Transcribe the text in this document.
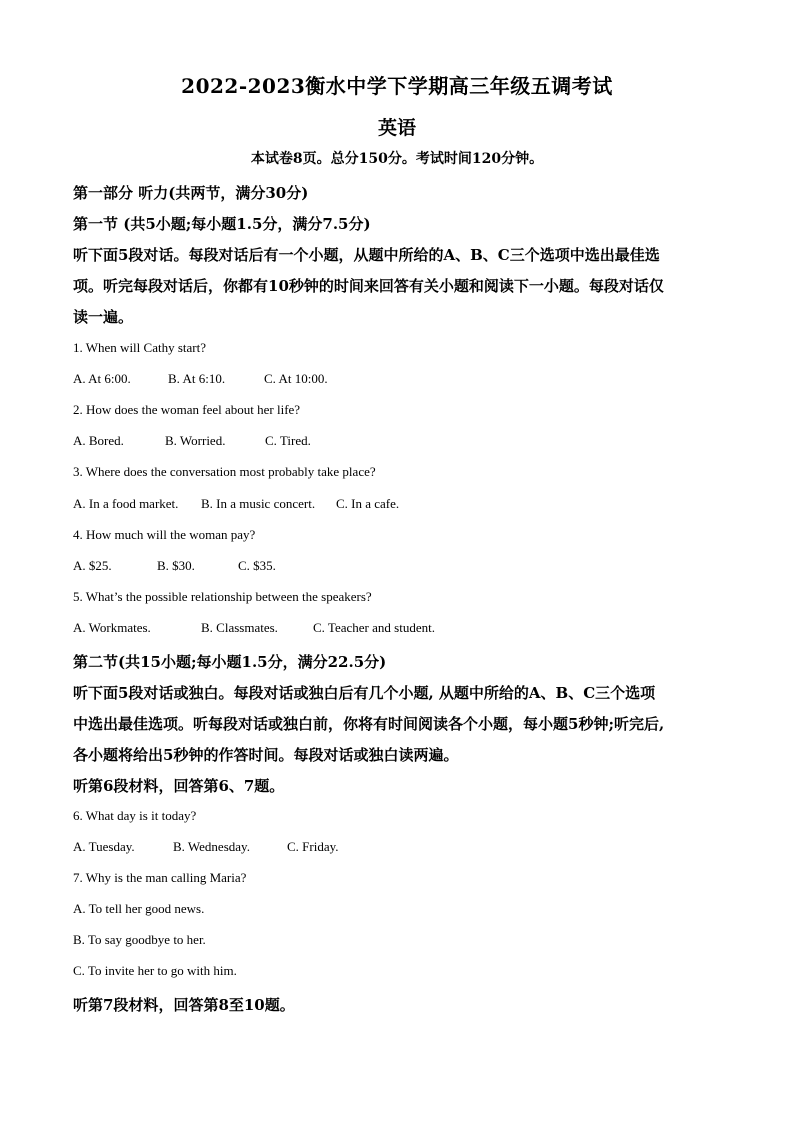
2022-2023衡水中学下学期高三年级五调考试
英语
本试卷8页。总分150分。考试时间120分钟。
第一部分 听力(共两节，满分30分)
第一节 (共5小题;每小题1.5分，满分7.5分)
听下面5段对话。每段对话后有一个小题，从题中所给的A、B、C三个选项中选出最佳选
项。听完每段对话后，你都有10秒钟的时间来回答有关小题和阅读下一小题。每段对话仅
读一遍。
1. When will Cathy start?
A. At 6:00.	B. At 6:10.	C. At 10:00.
2. How does the woman feel about her life?
A. Bored.	B. Worried.	C. Tired.
3. Where does the conversation most probably take place?
A. In a food market. B. In a music concert. C. In a cafe.
4. How much will the woman pay?
A. $25.	B. $30.	C. $35.
5. What’s the possible relationship between the speakers?
A. Workmates.	B. Classmates.	C. Teacher and student.
第二节(共15小题;每小题1.5分，满分22.5分)
听下面5段对话或独白。每段对话或独白后有几个小题, 从题中所给的A、B、C三个选项
中选出最佳选项。听每段对话或独白前，你将有时间阅读各个小题，每小题5秒钟;听完后,
各小题将给出5秒钟的作答时间。每段对话或独白读两遍。
听第6段材料，回答第6、7题。
6. What day is it today?
A. Tuesday.	B. Wednesday.	C. Friday.
7. Why is the man calling Maria?
A. To tell her good news.
B. To say goodbye to her.
C. To invite her to go with him.
听第7段材料，回答第8至10题。
